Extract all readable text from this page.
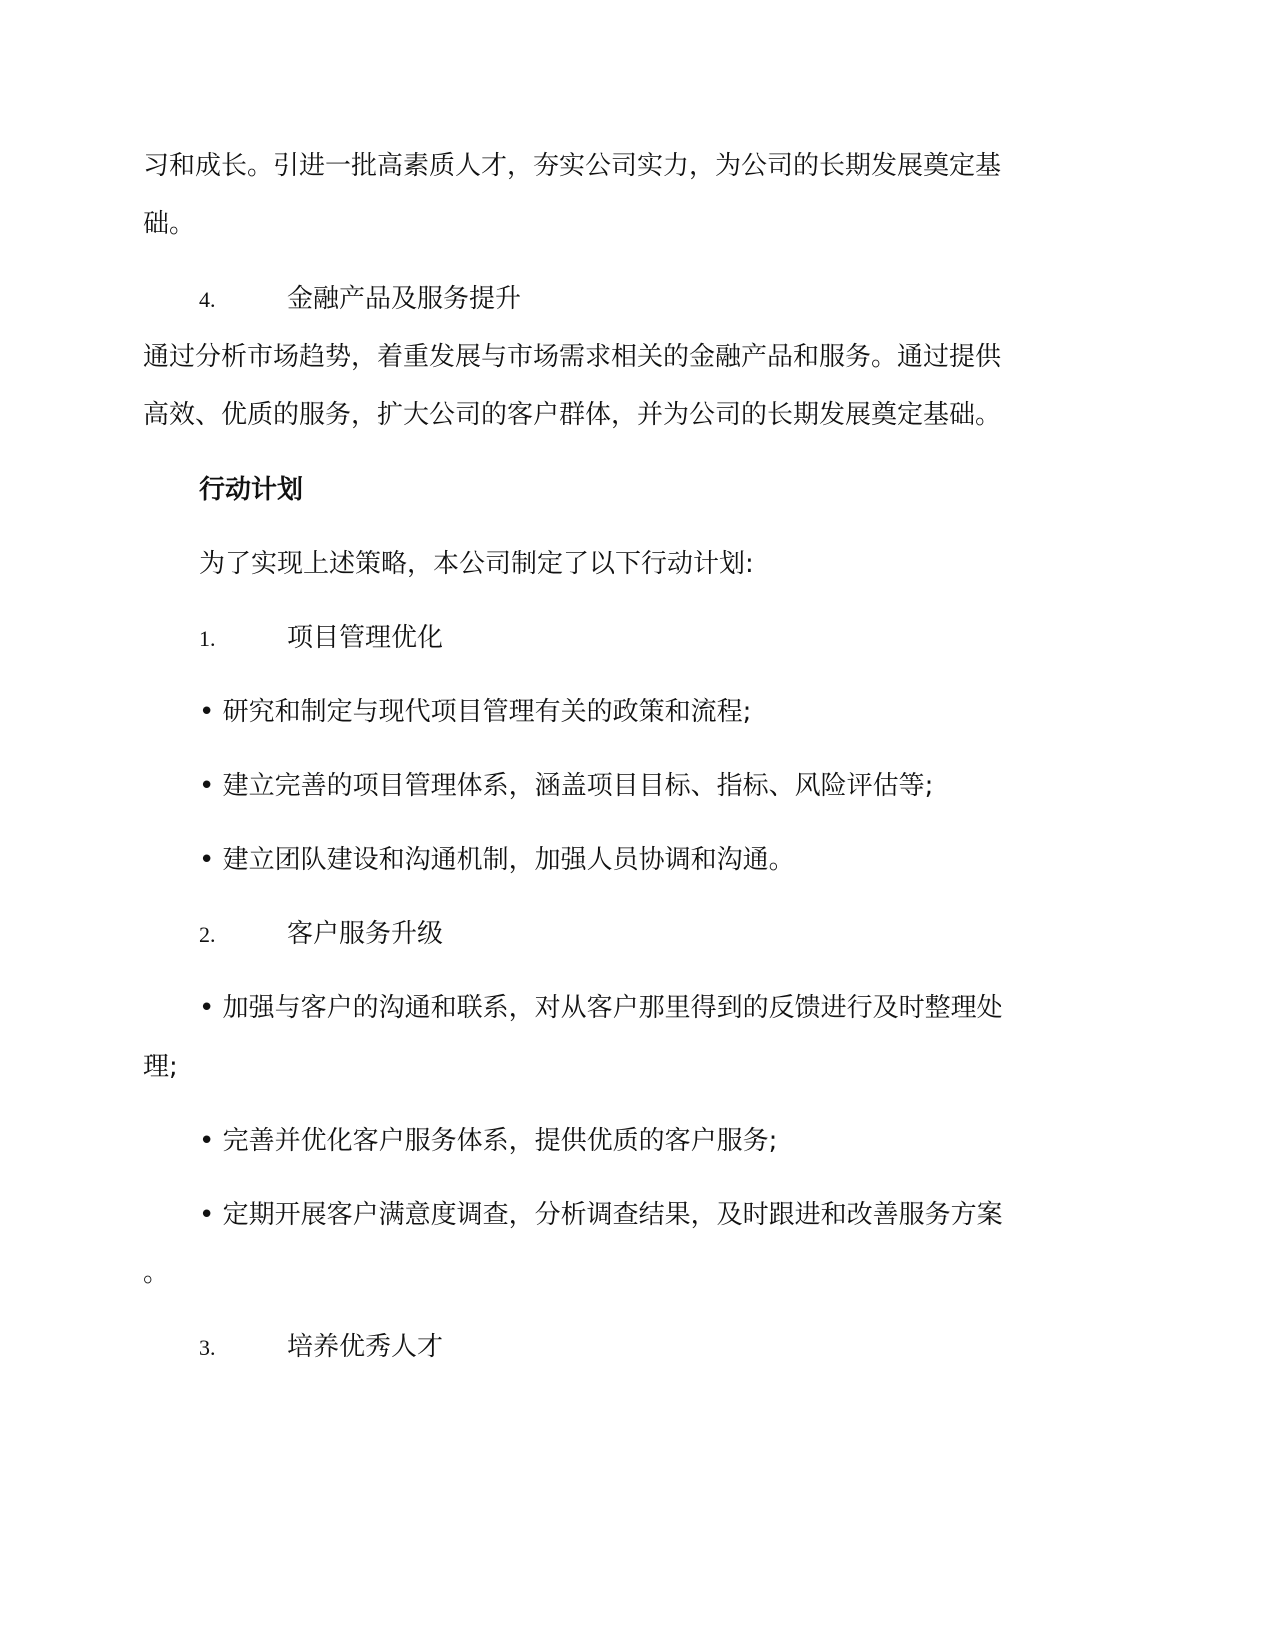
习和成长。引进一批高素质人才，夯实公司实力，为公司的长期发展奠定基
础。
4.	金融产品及服务提升
通过分析市场趋势，着重发展与市场需求相关的金融产品和服务。通过提供
高效、优质的服务，扩大公司的客户群体，并为公司的长期发展奠定基础。
行动计划
为了实现上述策略，本公司制定了以下行动计划:
1.	项目管理优化
• 研究和制定与现代项目管理有关的政策和流程;
• 建立完善的项目管理体系，涵盖项目目标、指标、风险评估等;
• 建立团队建设和沟通机制，加强人员协调和沟通。
2.	客户服务升级
• 加强与客户的沟通和联系，对从客户那里得到的反馈进行及时整理处
理;
• 完善并优化客户服务体系，提供优质的客户服务;
• 定期开展客户满意度调查，分析调查结果，及时跟进和改善服务方案
。
3.	培养优秀人才
